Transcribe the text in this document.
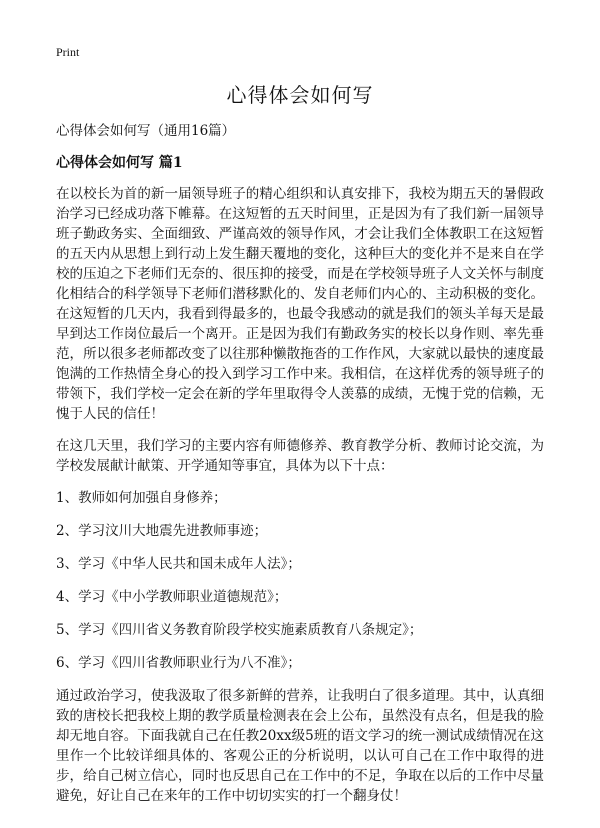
Print
心得体会如何写
心得体会如何写（通用16篇）
心得体会如何写 篇1

在以校长为首的新一届领导班子的精心组织和认真安排下，我校为期五天的暑假政治学习已经成功落下帷幕。在这短暂的五天时间里，正是因为有了我们新一届领导班子勤政务实、全面细致、严谨高效的领导作风，才会让我们全体教职工在这短暂的五天内从思想上到行动上发生翻天覆地的变化，这种巨大的变化并不是来自在学校的压迫之下老师们无奈的、很压抑的接受，而是在学校领导班子人文关怀与制度化相结合的科学领导下老师们潜移默化的、发自老师们内心的、主动积极的变化。在这短暂的几天内，我看到得最多的，也最令我感动的就是我们的领头羊每天是最早到达工作岗位最后一个离开。正是因为我们有勤政务实的校长以身作则、率先垂范，所以很多老师都改变了以往那种懒散拖沓的工作作风，大家就以最快的速度最饱满的工作热情全身心的投入到学习工作中来。我相信，在这样优秀的领导班子的带领下，我们学校一定会在新的学年里取得令人羡慕的成绩，无愧于党的信赖，无愧于人民的信任！

在这几天里，我们学习的主要内容有师德修养、教育教学分析、教师讨论交流，为学校发展献计献策、开学通知等事宜，具体为以下十点：

1、教师如何加强自身修养；
2、学习汶川大地震先进教师事迹；
3、学习《中华人民共和国未成年人法》；
4、学习《中小学教师职业道德规范》；
5、学习《四川省义务教育阶段学校实施素质教育八条规定》；
6、学习《四川省教师职业行为八不准》；

通过政治学习，使我汲取了很多新鲜的营养，让我明白了很多道理。其中，认真细致的唐校长把我校上期的教学质量检测表在会上公布，虽然没有点名，但是我的脸却无地自容。下面我就自己在任教20xx级5班的语文学习的统一测试成绩情况在这里作一个比较详细具体的、客观公正的分析说明，以认可自己在工作中取得的进步，给自己树立信心，同时也反思自己在工作中的不足，争取在以后的工作中尽量避免，好让自己在来年的工作中切切实实的打一个翻身仗！
